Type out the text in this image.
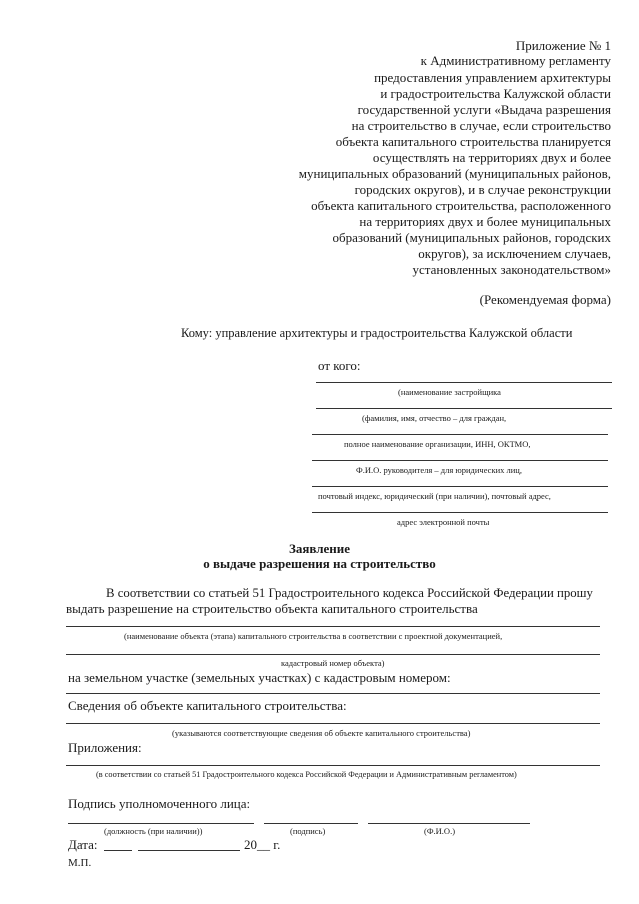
Приложение № 1
к Административному регламенту
предоставления управлением архитектуры
и градостроительства Калужской области
государственной услуги «Выдача разрешения
на строительство в случае, если строительство
объекта капитального строительства планируется
осуществлять на территориях двух и более
муниципальных образований (муниципальных районов,
городских округов), и в случае реконструкции
объекта капитального строительства, расположенного
на территориях двух и более муниципальных
образований (муниципальных районов, городских
округов), за исключением случаев,
установленных законодательством»
(Рекомендуемая форма)
Кому: управление архитектуры и градостроительства Калужской области
от кого:
(наименование застройщика
(фамилия, имя, отчество – для граждан,
полное наименование организации, ИНН, ОКТМО,
Ф.И.О. руководителя – для юридических лиц,
почтовый индекс, юридический (при наличии), почтовый адрес,
адрес электронной почты
Заявление
о выдаче разрешения на строительство
В соответствии со статьей 51 Градостроительного кодекса Российской Федерации прошу
выдать разрешение на строительство объекта капитального строительства
(наименование объекта (этапа) капитального строительства в соответствии с проектной документацией,
кадастровый номер объекта)
на земельном участке (земельных участках) с кадастровым номером:
Сведения об объекте капитального строительства:
(указываются соответствующие сведения об объекте капитального строительства)
Приложения:
(в соответствии со статьей 51 Градостроительного кодекса Российской Федерации и Административным регламентом)
Подпись уполномоченного лица:
(должность (при наличии))	(подпись)	(Ф.И.О.)
Дата:	20__ г.
М.П.
